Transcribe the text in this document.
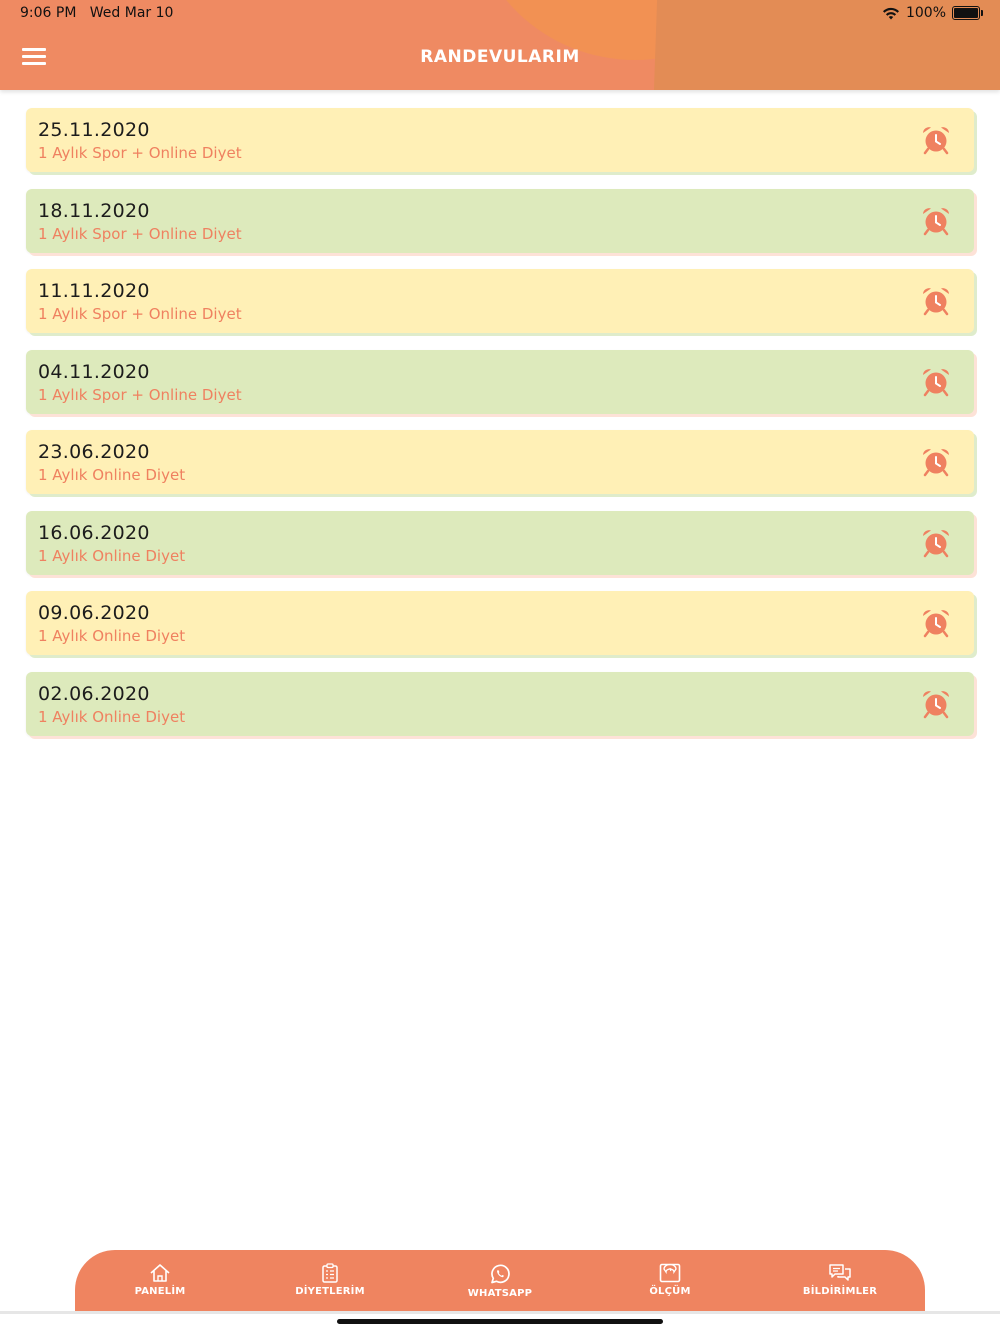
9:06 PM Wed Mar 10	100%
RANDEVULARIM
25.11.2020
1 Aylık Spor + Online Diyet
18.11.2020
1 Aylık Spor + Online Diyet
11.11.2020
1 Aylık Spor + Online Diyet
04.11.2020
1 Aylık Spor + Online Diyet
23.06.2020
1 Aylık Online Diyet
16.06.2020
1 Aylık Online Diyet
09.06.2020
1 Aylık Online Diyet
02.06.2020
1 Aylık Online Diyet
PANELİM	DİYETLERİM	WHATSAPP	ÖLÇÜM	BİLDİRİMLER
